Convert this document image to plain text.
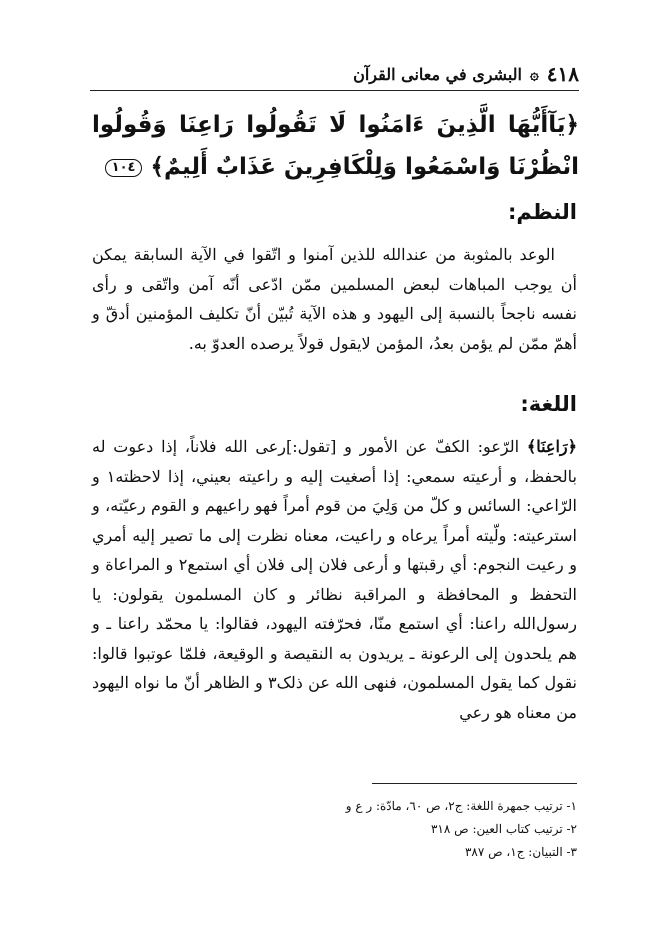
٤١٨
۞
البشرى في معانى القرآن
﴿يَآأَيُّهَا الَّذِينَ ءَامَنُوا لَا تَقُولُوا رَاعِنَا وَقُولُوا انْظُرْنَا وَاسْمَعُوا وَلِلْكَافِرِينَ عَذَابٌ أَلِيمٌ﴾ ١٠٤
النظم:
الوعد بالمثوبة من عندالله للذين آمنوا و اتّقوا في الآية السابقة يمكن أن يوجب المباهات لبعض المسلمين ممّن ادّعى أنّه آمن واتّقى و رأى نفسه ناجحاً بالنسبة إلى اليهود و هذه الآية تُبيّن أنّ تكليف المؤمنين أدقّ و أهمّ ممّن لم يؤمن بعدُ، المؤمن لايقول قولاً يرصده العدوّ به.
اللغة:
﴿رَاعِنَا﴾ الرّعو: الكفّ عن الأمور و [تقول:]رعى الله فلاناً، إذا دعوت له بالحفظ، و أرعيته سمعي: إذا أصغيت إليه و راعيته بعيني، إذا لاحظته١ و الرّاعي: السائس و كلّ من وَلِيَ من قوم أمراً فهو راعيهم و القوم رعيّته، و استرعيته: ولّيته أمراً يرعاه و راعيت، معناه نظرت إلى ما تصير إليه أمري و رعيت النجوم: أي رقبتها و أرعى فلان إلى فلان أي استمع٢ و المراعاة و التحفظ و المحافظة و المراقبة نظائر و كان المسلمون يقولون: يا رسول‌الله راعنا: أي استمع منّا، فحرّفته اليهود، فقالوا: يا محمّد راعنا ـ و هم يلحدون إلى الرعونة ـ يريدون به النقيصة و الوقيعة، فلمّا عوتبوا قالوا: نقول كما يقول المسلمون، فنهى الله عن ذلک٣ و الظاهر أنّ ما نواه اليهود من معناه هو رعي
١- ترتيب جمهرة اللغة: ج٢، ص ٦٠، مادّة: ر ع و
٢- ترتيب كتاب العين: ص ٣١٨
٣- التبيان: ج١، ص ٣٨٧
